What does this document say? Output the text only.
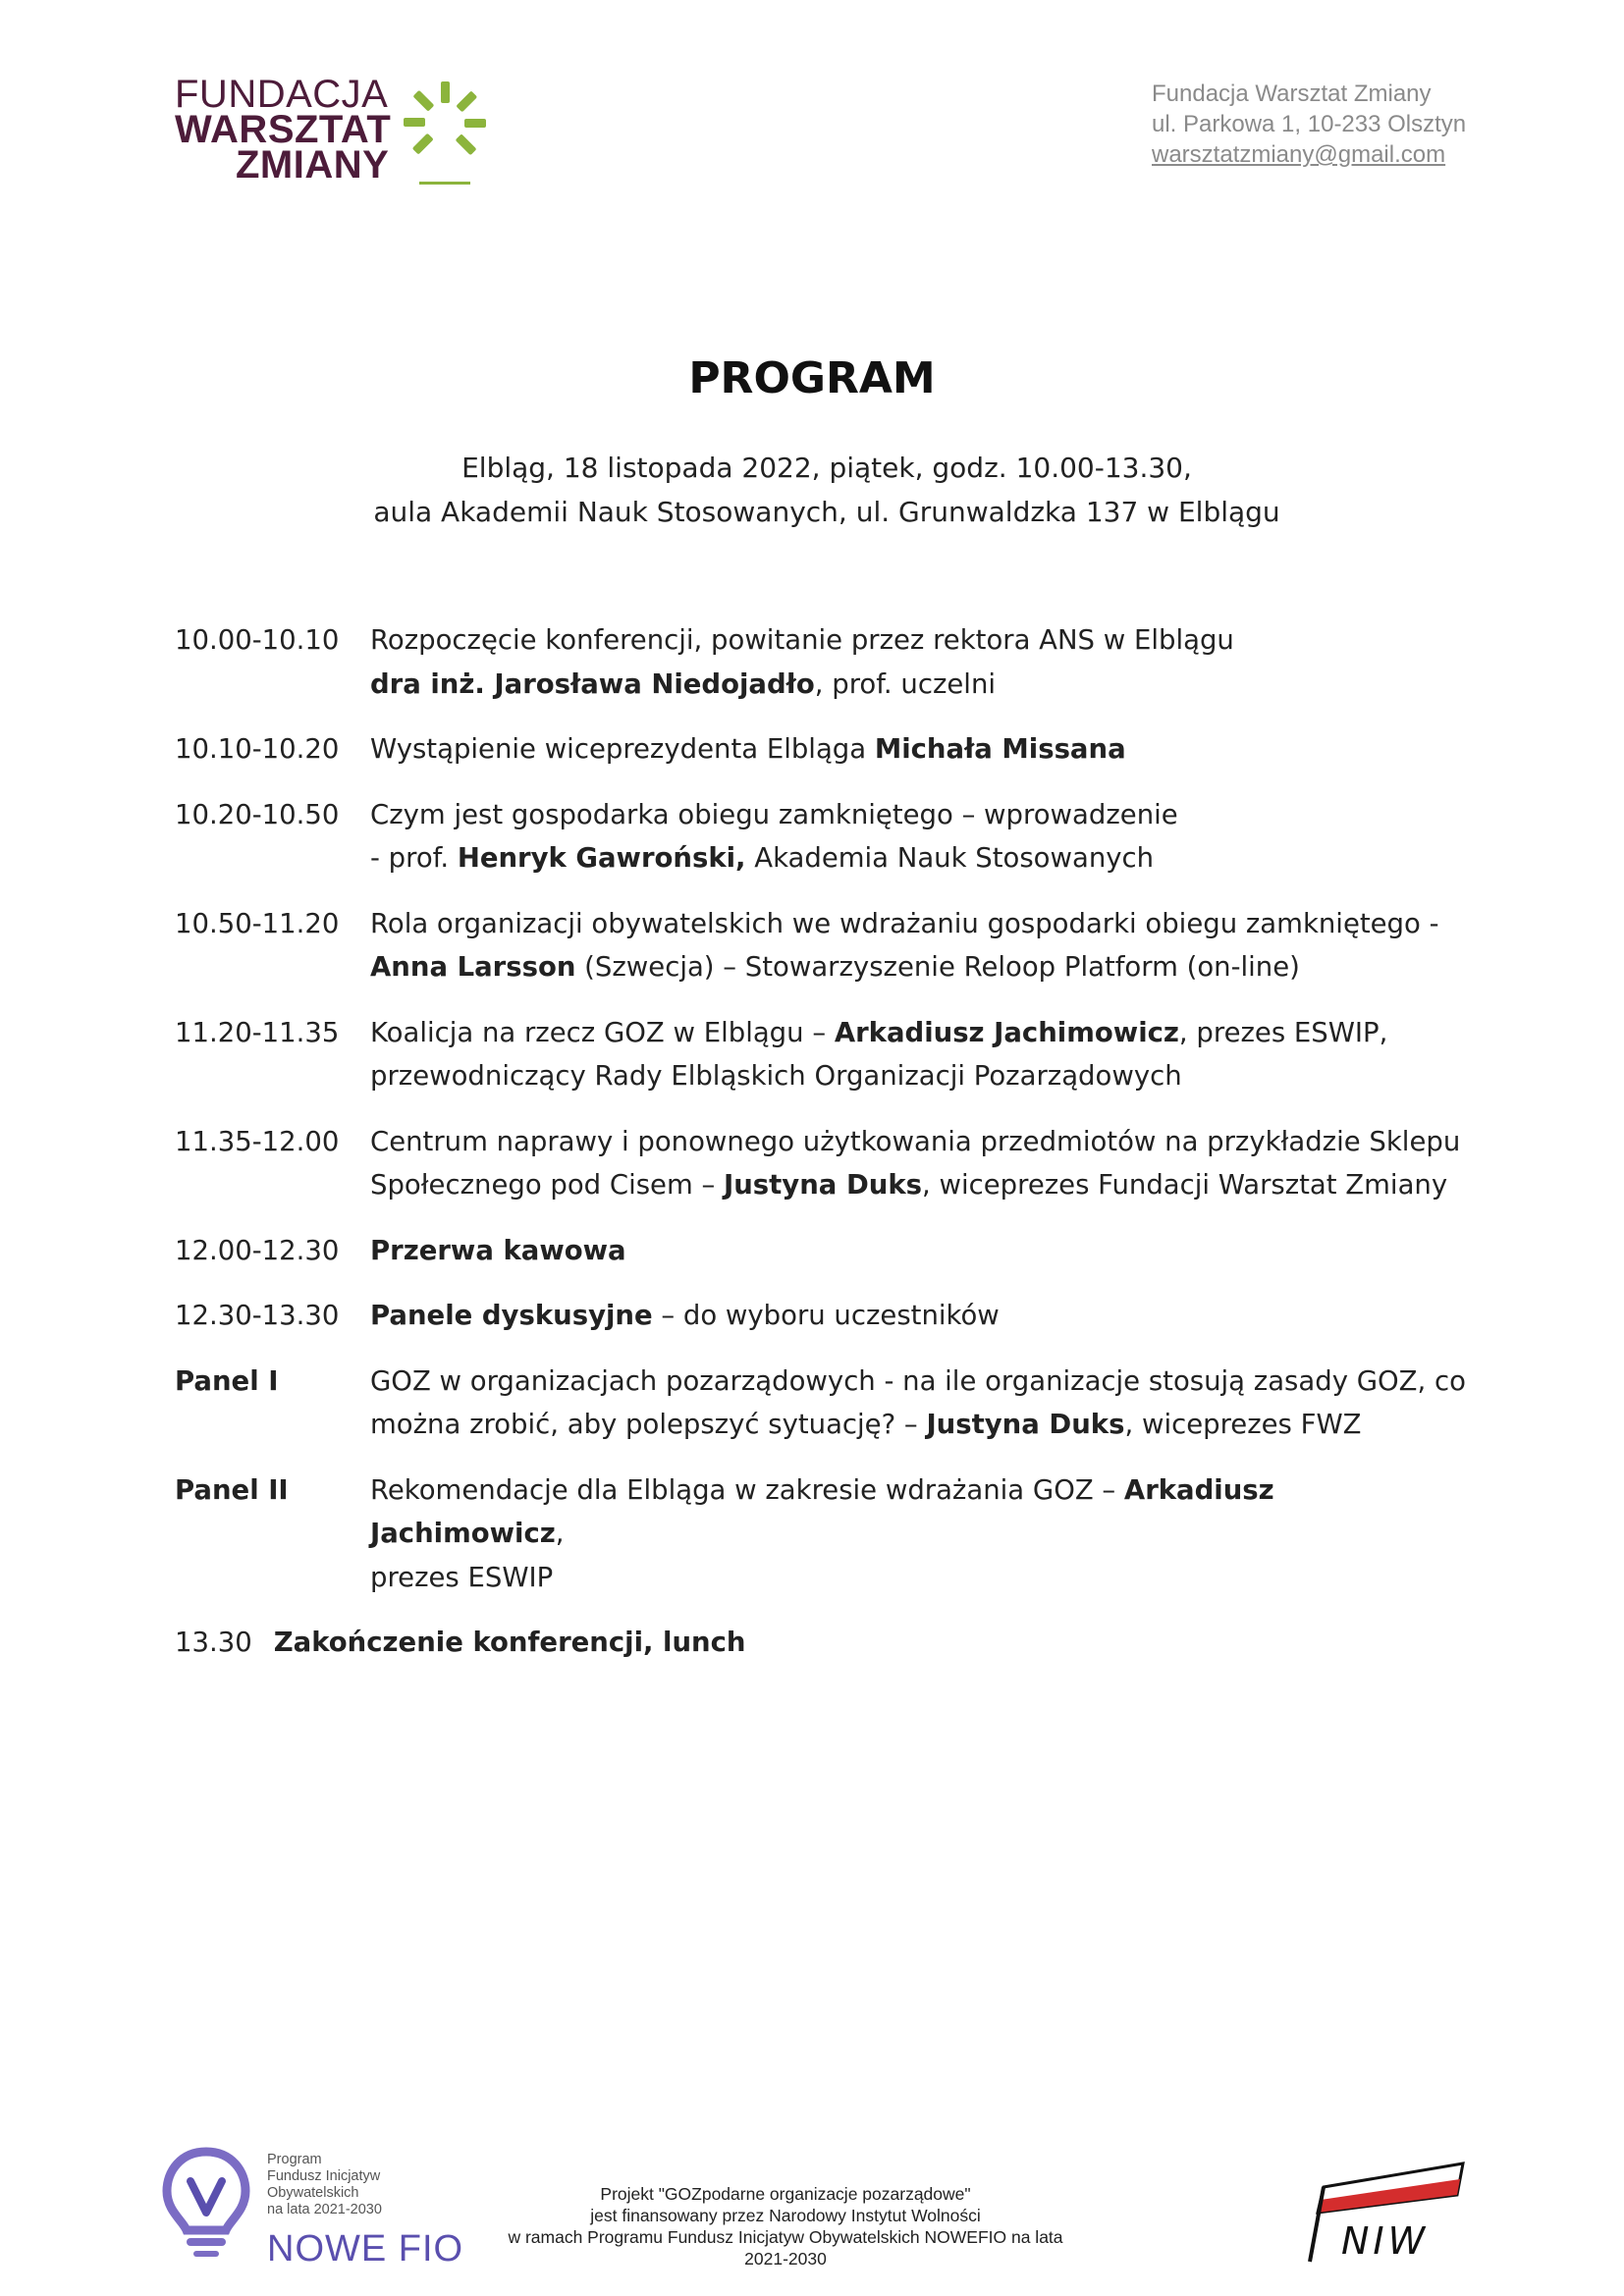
FUNDACJA
WARSZTAT
ZMIANY
Fundacja Warsztat Zmiany
ul. Parkowa 1, 10-233 Olsztyn
warsztatzmiany@gmail.com
PROGRAM
Elbląg, 18 listopada 2022, piątek, godz. 10.00-13.30,
aula Akademii Nauk Stosowanych, ul. Grunwaldzka 137 w Elblągu
10.00-10.10	Rozpoczęcie konferencji, powitanie przez rektora ANS w Elblągu
dra inż. Jarosława Niedojadło, prof. uczelni
10.10-10.20	Wystąpienie wiceprezydenta Elbląga Michała Missana
10.20-10.50	Czym jest gospodarka obiegu zamkniętego – wprowadzenie
- prof. Henryk Gawroński, Akademia Nauk Stosowanych
10.50-11.20	Rola organizacji obywatelskich we wdrażaniu gospodarki obiegu zamkniętego -
Anna Larsson (Szwecja) – Stowarzyszenie Reloop Platform (on-line)
11.20-11.35	Koalicja na rzecz GOZ w Elblągu – Arkadiusz Jachimowicz, prezes ESWIP,
przewodniczący Rady Elbląskich Organizacji Pozarządowych
11.35-12.00	Centrum naprawy i ponownego użytkowania przedmiotów na przykładzie Sklepu
Społecznego pod Cisem – Justyna Duks, wiceprezes Fundacji Warsztat Zmiany
12.00-12.30	Przerwa kawowa
12.30-13.30	Panele dyskusyjne – do wyboru uczestników
Panel I	GOZ w organizacjach pozarządowych - na ile organizacje stosują zasady GOZ, co
można zrobić, aby polepszyć sytuację? – Justyna Duks, wiceprezes FWZ
Panel II	Rekomendacje dla Elbląga w zakresie wdrażania GOZ – Arkadiusz Jachimowicz,
prezes ESWIP
13.30 Zakończenie konferencji, lunch
Program
Fundusz Inicjatyw
Obywatelskich
na lata 2021-2030
NOWE FIO
Projekt "GOZpodarne organizacje pozarządowe"
jest finansowany przez Narodowy Instytut Wolności
w ramach Programu Fundusz Inicjatyw Obywatelskich NOWEFIO na lata 2021-2030	NIW
